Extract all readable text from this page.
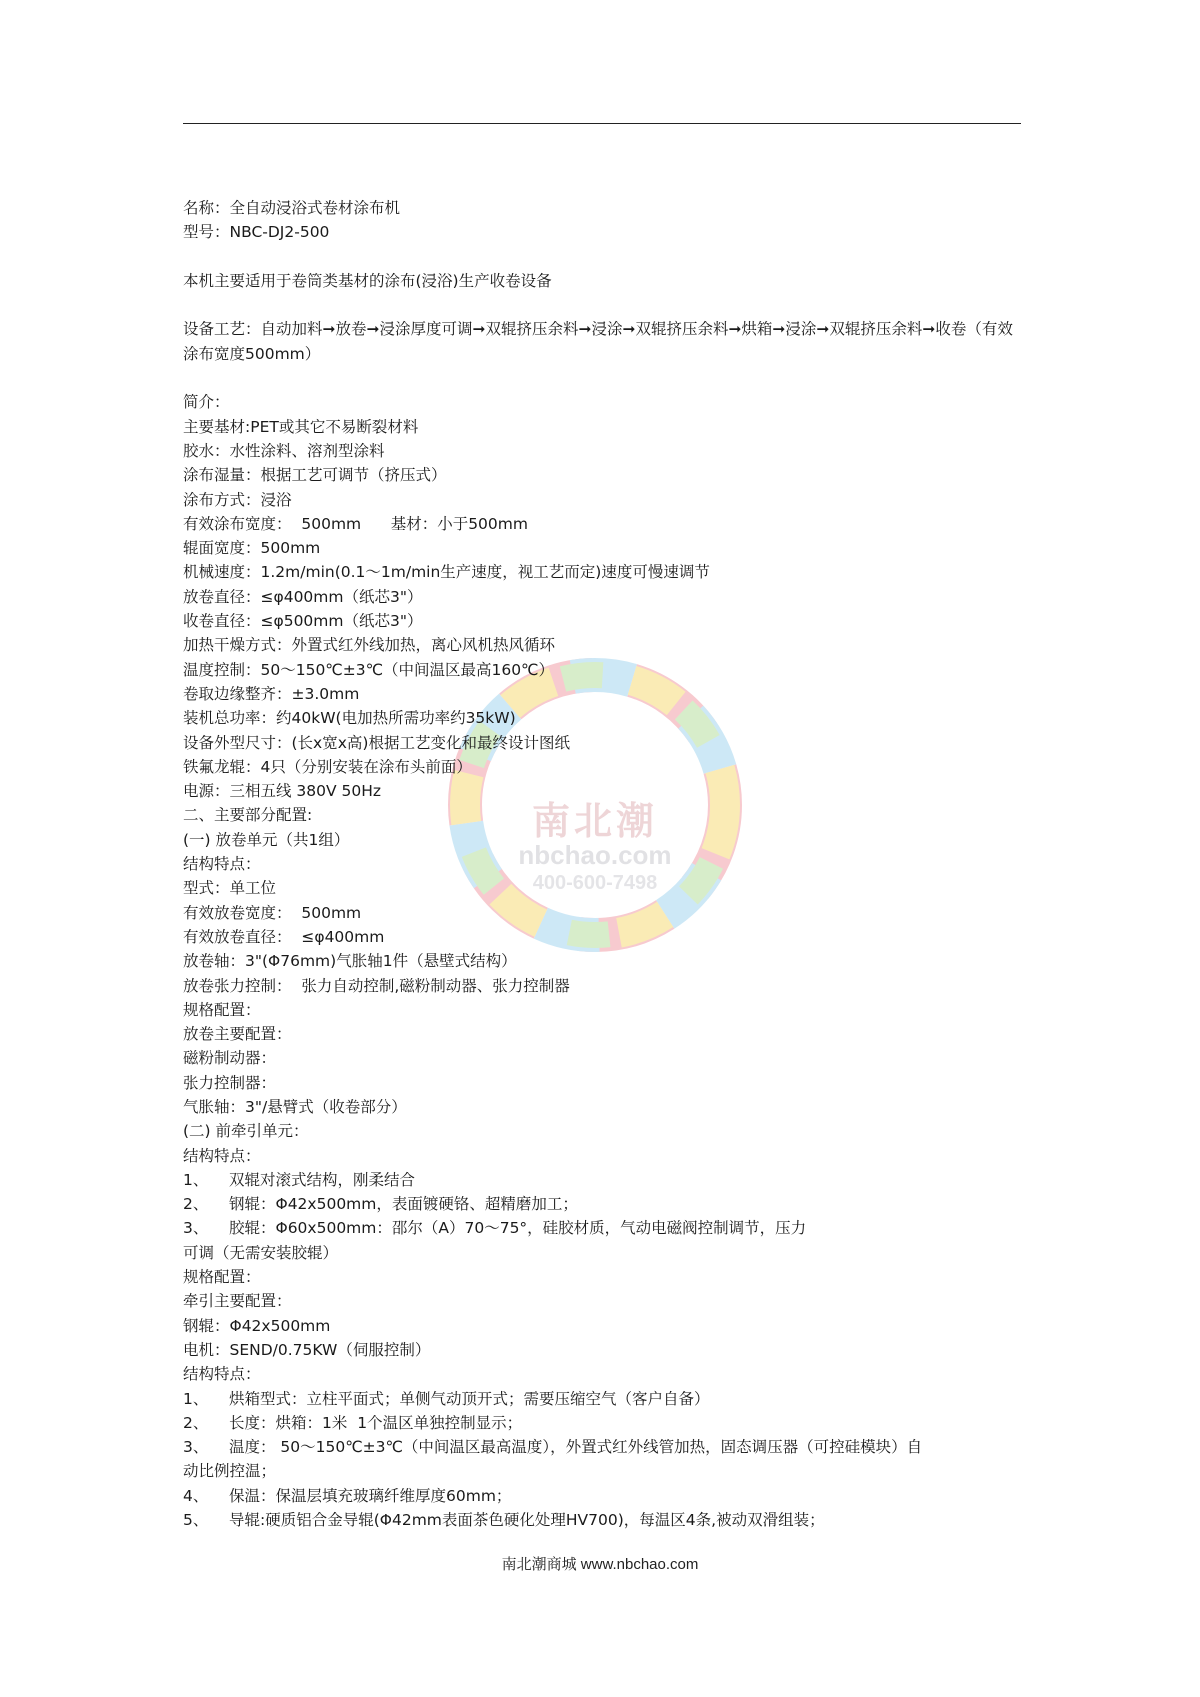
南北潮
nbchao.com
400-600-7498
名称：全自动浸浴式卷材涂布机
型号：NBC-DJ2-500
本机主要适用于卷筒类基材的涂布(浸浴)生产收卷设备
设备工艺：自动加料➞放卷➞浸涂厚度可调➞双辊挤压余料➞浸涂➞双辊挤压余料➞烘箱➞浸涂➞双辊挤压余料➞收卷（有效涂布宽度500mm）
简介：
主要基材:PET或其它不易断裂材料
胶水：水性涂料、溶剂型涂料
涂布湿量：根据工艺可调节（挤压式）
涂布方式：浸浴
有效涂布宽度：  500mm      基材：小于500mm
辊面宽度：500mm
机械速度：1.2m/min(0.1～1m/min生产速度，视工艺而定)速度可慢速调节
放卷直径：≤φ400mm（纸芯3"）
收卷直径：≤φ500mm（纸芯3"）
加热干燥方式：外置式红外线加热，离心风机热风循环
温度控制：50～150℃±3℃（中间温区最高160℃）
卷取边缘整齐：±3.0mm
装机总功率：约40kW(电加热所需功率约35kW)
设备外型尺寸：(长x宽x高)根据工艺变化和最终设计图纸
铁氟龙辊：4只（分别安装在涂布头前面）
电源：三相五线 380V 50Hz
二、主要部分配置:
(一) 放卷单元（共1组）
结构特点：
型式：单工位
有效放卷宽度：  500mm
有效放卷直径：  ≤φ400mm
放卷轴：3"(Φ76mm)气胀轴1件（悬壁式结构）
放卷张力控制：  张力自动控制,磁粉制动器、张力控制器
规格配置：
放卷主要配置：
磁粉制动器：
张力控制器：
气胀轴：3"/悬臂式（收卷部分）
(二) 前牵引单元：
结构特点：
1、 双辊对滚式结构，刚柔结合
2、 钢辊：Φ42x500mm，表面镀硬铬、超精磨加工；
3、 胶辊：Φ60x500mm：邵尔（A）70～75°，硅胶材质，气动电磁阀控制调节，压力
可调（无需安装胶辊）
规格配置：
牵引主要配置：
钢辊：Φ42x500mm
电机：SEND/0.75KW（伺服控制）
结构特点：
1、 烘箱型式：立柱平面式；单侧气动顶开式；需要压缩空气（客户自备）
2、 长度：烘箱：1米  1个温区单独控制显示；
3、 温度： 50～150℃±3℃（中间温区最高温度），外置式红外线管加热，固态调压器（可控硅模块）自
动比例控温；
4、 保温：保温层填充玻璃纤维厚度60mm；
5、 导辊:硬质铝合金导辊(Φ42mm表面茶色硬化处理HV700)，每温区4条,被动双滑组装；
南北潮商城 www.nbchao.com
